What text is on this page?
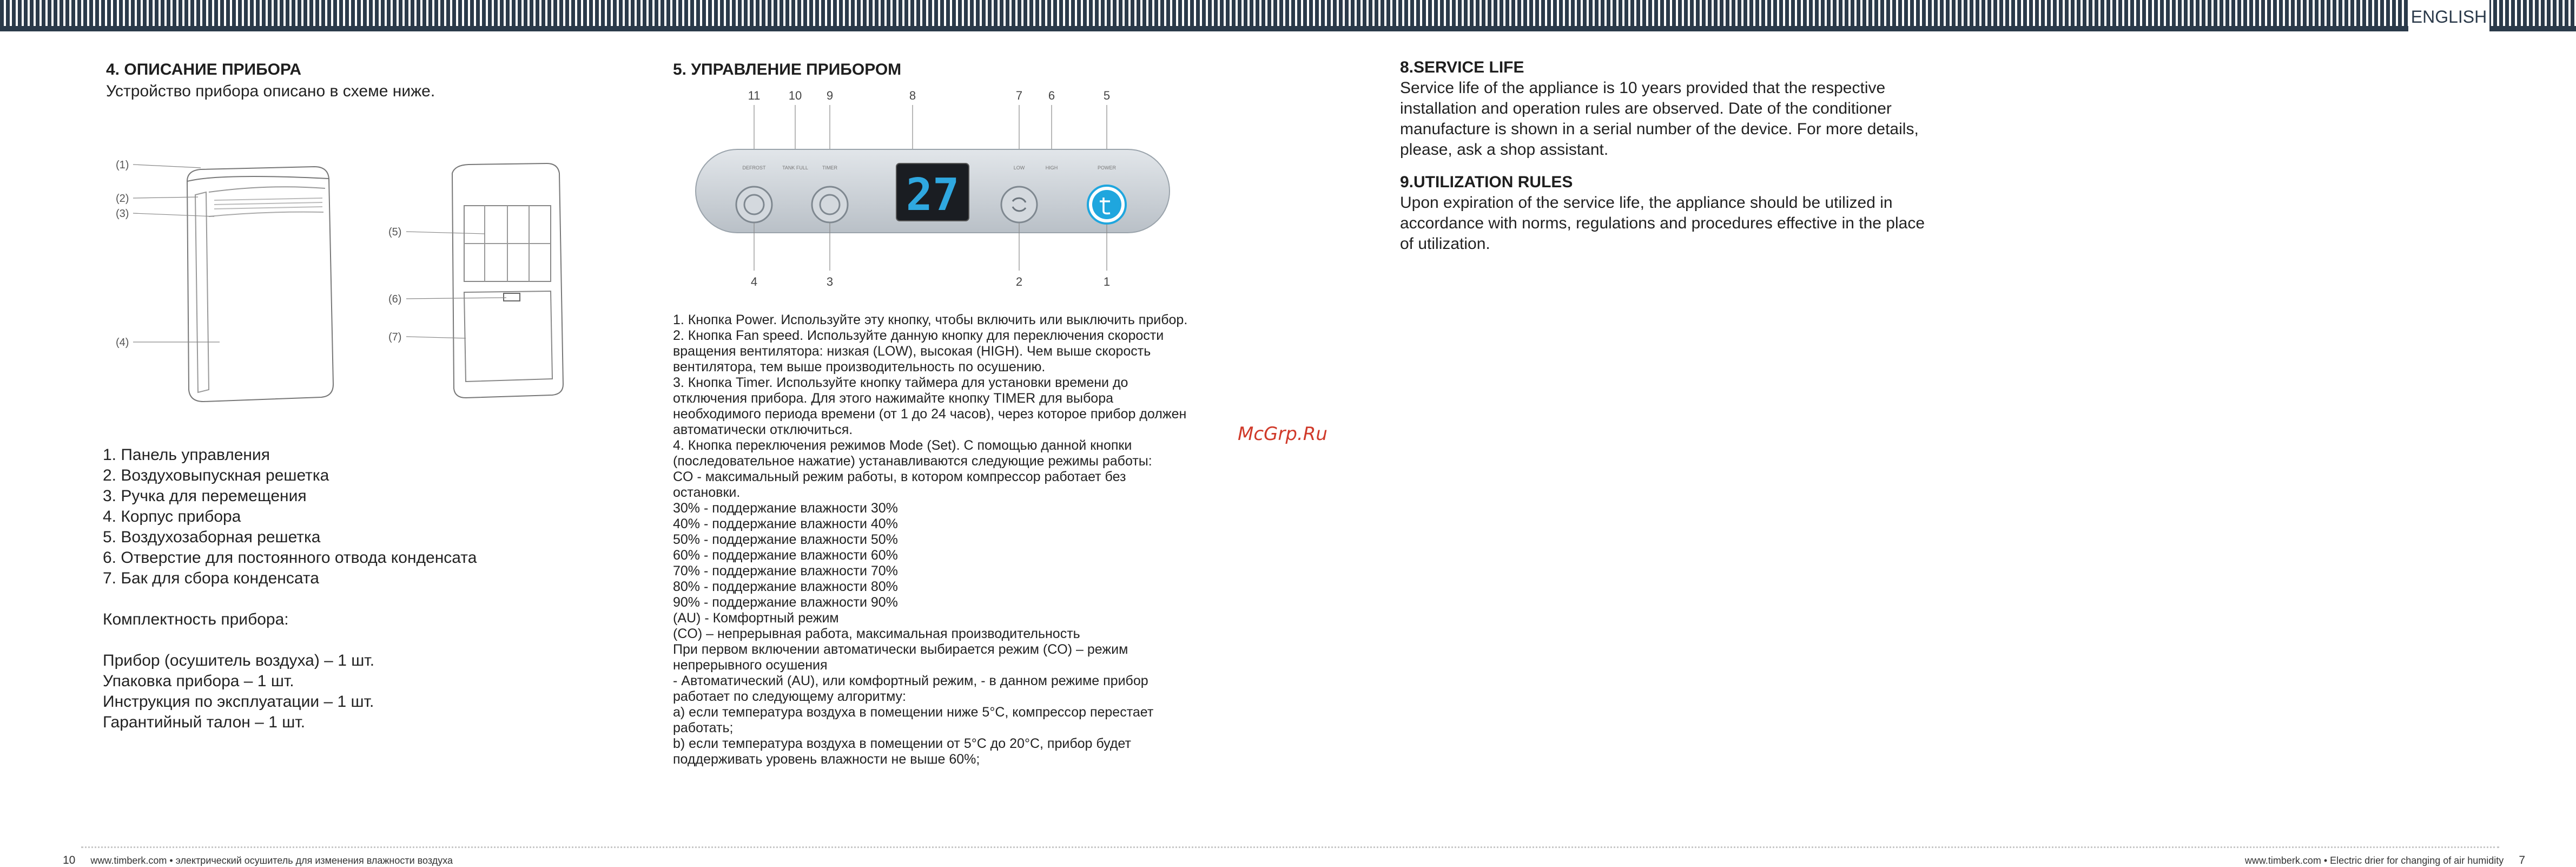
ENGLISH
4. ОПИСАНИЕ ПРИБОРА

Устройство прибора описано в схеме ниже.

(1)
(2)
(3)
(4)
(5)
(6)
(7)

1. Панель управления

2. Воздуховыпускная решетка

3. Ручка для перемещения

4. Корпус прибора

5. Воздухозаборная решетка

6. Отверстие для постоянного отвода конденсата

7. Бак для сбора конденсата

Комплектность прибора:

Прибор (осушитель воздуха) – 1 шт.

Упаковка прибора – 1 шт.

Инструкция по эксплуатации – 1 шт.

Гарантийный талон – 1 шт.

5. УПРАВЛЕНИЕ ПРИБОРОМ
11 10 9	8	7 6	5
DEFROST	TANK FULL	TIMER	LOW	HIGH	POWER
27
4	3	2	1

1. Кнопка Power. Используйте эту кнопку, чтобы включить или выключить прибор.

2. Кнопка Fan speed. Используйте данную кнопку для переключения скорости вращения вентилятора: низкая (LOW), высокая (HIGH). Чем выше скорость вентилятора, тем выше производительность по осушению.

3. Кнопка Timer. Используйте кнопку таймера для установки времени до отключения прибора. Для этого нажимайте кнопку TIMER для выбора необходимого периода времени (от 1 до 24 часов), через которое прибор должен автоматически отключиться.

4. Кнопка переключения режимов Mode (Set). С помощью данной кнопки (последовательное нажатие) устанавливаются следующие режимы работы:

CO - максимальный режим работы, в котором компрессор работает без остановки.

30% - поддержание влажности 30%

40% - поддержание влажности 40%

50% - поддержание влажности 50%

60% - поддержание влажности 60%

70% - поддержание влажности 70%

80% - поддержание влажности 80%

90% - поддержание влажности 90%

(AU) - Комфортный режим

(CO) – непрерывная работа, максимальная производительность

При первом включении автоматически выбирается режим (CO) – режим непрерывного осушения

- Автоматический (AU), или комфортный режим, - в данном режиме прибор работает по следующему алгоритму:

а) если температура воздуха в помещении ниже 5°C, компрессор перестает работать;

b) если температура воздуха в помещении от 5°C до 20°C, прибор будет поддерживать уровень влажности не выше 60%;

8.SERVICE LIFE

Service life of the appliance is 10 years provided that the respective installation and operation rules are observed. Date of the conditioner manufacture is shown in a serial number of the device. For more details, please, ask a shop assistant.

9.UTILIZATION RULES

Upon expiration of the service life, the appliance should be utilized in accordance with norms, regulations and procedures effective in the place of utilization.

McGrp.Ru
10 www.timberk.com • электрический осушитель для изменения влажности воздуха	www.timberk.com • Electric drier for changing of air humidity 7
